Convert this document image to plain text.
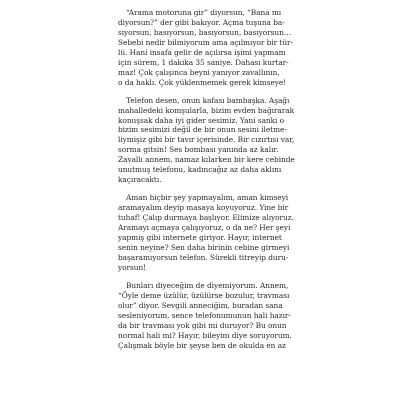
“Arama motoruna gir” diyorsun, “Bana mı
diyorsun?” der gibi bakıyor. Açma tuşuna ba-
sıyorsun, basıyorsun, basıyorsun, basıyorsun…
Sebebi nedir bilmiyorum ama açılmıyor bir tür-
lü. Hani insafa gelir de açılırsa işimi yapmam
için sürem, 1 dakika 35 saniye. Dahası kurtar-
maz! Çok çalışınca beyni yanıyor zavallının,
o da haklı. Çok yüklenmemek gerek kimseye!
Telefon desen, onun kafası bambaşka. Aşağı
mahalledeki komşularla, bizim evden bağırarak
konuşsak daha iyi gider sesimiz. Yani sanki o
bizim sesimizi değil de bir onun sesini iletme-
liymişiz gibi bir tavır içerisinde. Bir cızırtısı var,
sorma gitsin! Ses bombası yanında az kalır.
Zavallı annem, namaz kılarken bir kere cebinde
unutmuş telefonu, kadıncağız az daha aklını
kaçıracaktı.
Aman hiçbir şey yapmayalım, aman kimseyi
aramayalım deyip masaya koyuyoruz. Yine bir
tuhaf! Çalıp durmaya başlıyor. Elimize alıyoruz.
Aramayı açmaya çalışıyoruz, o da ne? Her şeyi
yapmış gibi internete giriyor. Hayır, internet
senin neyine? Sen daha birinin cebine girmeyi
başaramıyorsun telefon. Sürekli titreyip duru-
yorsun!
Bunları diyeceğim de diyemiyorum. Annem,
“Öyle deme üzülür, üzülürse bozulur, travması
olur” diyor. Sevgili anneciğim, buradan sana
sesleniyorum, sence telefonumunun hali hazır-
da bir travması yok gibi mi duruyor? Bu onun
normal hali mi? Hayır, bileyim diye soruyorum.
Çalışmak böyle bir şeyse ben de okulda en az
